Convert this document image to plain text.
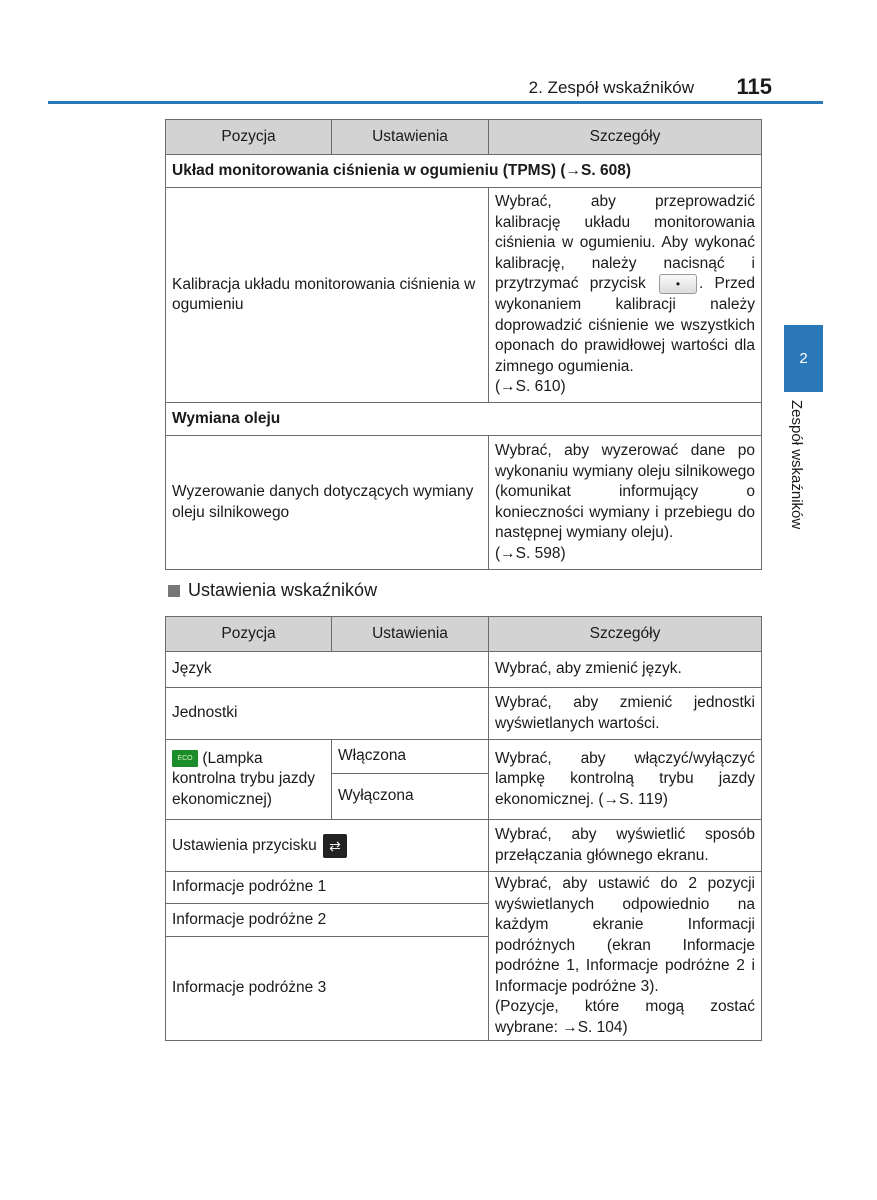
2. Zespół wskaźników 115
2
Zespół wskaźników
Pozycja	Ustawienia	Szczegóły
Układ monitorowania ciśnienia w ogumieniu (TPMS) (→S. 608)		
Kalibracja układu monitorowania ciśnienia w ogumieniu		Wybrać, aby przeprowadzić kalibrację układu monitorowania ciśnienia w ogumieniu. Aby wykonać kalibrację, należy nacisnąć i przytrzymać przycisk • . Przed wykonaniem kalibracji należy doprowadzić ciśnienie we wszystkich oponach do prawidłowej wartości dla zimnego ogumienia.
(→S. 610)
Wymiana oleju		
Wyzerowanie danych dotyczących wymiany oleju silnikowego		Wybrać, aby wyzerować dane po wykonaniu wymiany oleju silnikowego (komunikat informujący o konieczności wymiany i przebiegu do następnej wymiany oleju).
(→S. 598)
Ustawienia wskaźników
Pozycja	Ustawienia	Szczegóły
Język		Wybrać, aby zmienić język.
Jednostki		Wybrać, aby zmienić jednostki wyświetlanych wartości.
ECO (Lampka kontrolna trybu jazdy ekonomicznej)	Włączona	Wybrać, aby włączyć/wyłączyć lampkę kontrolną trybu jazdy ekonomicznej. (→S. 119)
	Wyłączona	
Ustawienia przycisku ⇄		Wybrać, aby wyświetlić sposób przełączania głównego ekranu.
Informacje podróżne 1		Wybrać, aby ustawić do 2 pozycji wyświetlanych odpowiednio na każdym ekranie Informacji podróżnych (ekran Informacje podróżne 1, Informacje podróżne 2 i Informacje podróżne 3).
(Pozycje, które mogą zostać wybrane: →S. 104)
Informacje podróżne 2		
Informacje podróżne 3		
